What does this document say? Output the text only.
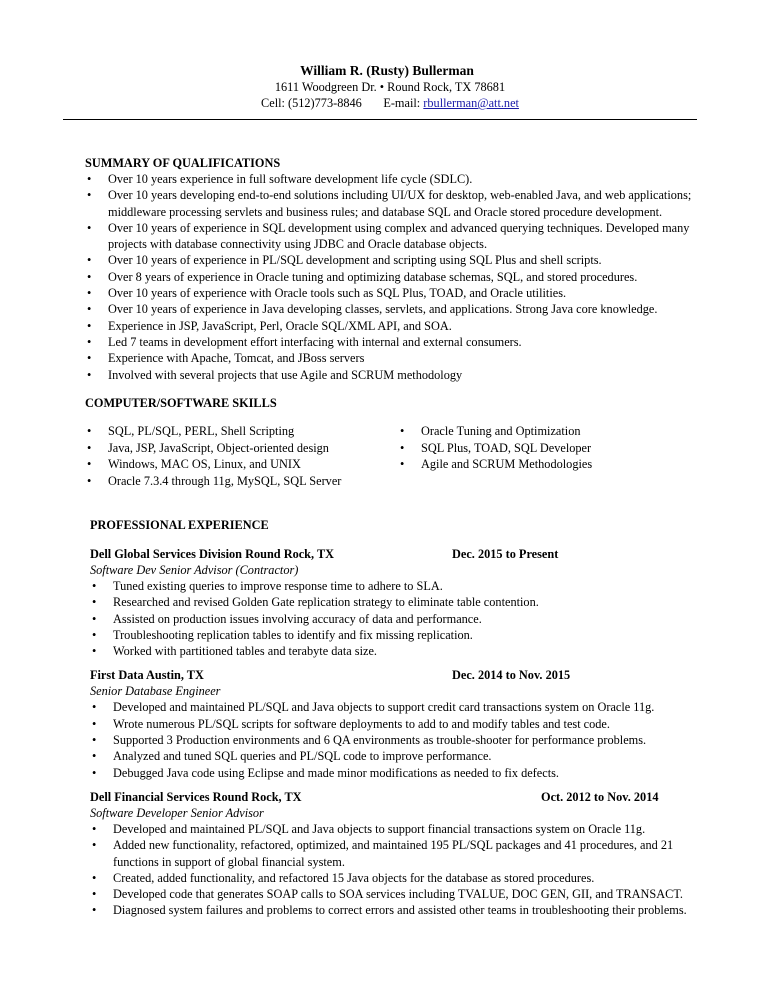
William R. (Rusty) Bullerman
1611 Woodgreen Dr. • Round Rock, TX 78681
Cell: (512)773-8846 E-mail: rbullerman@att.net
SUMMARY OF QUALIFICATIONS
• Over 10 years experience in full software development life cycle (SDLC).
• Over 10 years developing end-to-end solutions including UI/UX for desktop, web-enabled Java, and web applications; middleware processing servlets and business rules; and database SQL and Oracle stored procedure development.
• Over 10 years of experience in SQL development using complex and advanced querying techniques. Developed many projects with database connectivity using JDBC and Oracle database objects.
• Over 10 years of experience in PL/SQL development and scripting using SQL Plus and shell scripts.
• Over 8 years of experience in Oracle tuning and optimizing database schemas, SQL, and stored procedures.
• Over 10 years of experience with Oracle tools such as SQL Plus, TOAD, and Oracle utilities.
• Over 10 years of experience in Java developing classes, servlets, and applications. Strong Java core knowledge.
• Experience in JSP, JavaScript, Perl, Oracle SQL/XML API, and SOA.
• Led 7 teams in development effort interfacing with internal and external consumers.
• Experience with Apache, Tomcat, and JBoss servers
• Involved with several projects that use Agile and SCRUM methodology
COMPUTER/SOFTWARE SKILLS
• SQL, PL/SQL, PERL, Shell Scripting
• Java, JSP, JavaScript, Object-oriented design
• Windows, MAC OS, Linux, and UNIX
• Oracle 7.3.4 through 11g, MySQL, SQL Server
• Oracle Tuning and Optimization
• SQL Plus, TOAD, SQL Developer
• Agile and SCRUM Methodologies
PROFESSIONAL EXPERIENCE
Dell Global Services Division Round Rock, TX	Dec. 2015 to Present
Software Dev Senior Advisor (Contractor)
• Tuned existing queries to improve response time to adhere to SLA.
• Researched and revised Golden Gate replication strategy to eliminate table contention.
• Assisted on production issues involving accuracy of data and performance.
• Troubleshooting replication tables to identify and fix missing replication.
• Worked with partitioned tables and terabyte data size.
First Data Austin, TX	Dec. 2014 to Nov. 2015
Senior Database Engineer
• Developed and maintained PL/SQL and Java objects to support credit card transactions system on Oracle 11g.
• Wrote numerous PL/SQL scripts for software deployments to add to and modify tables and test code.
• Supported 3 Production environments and 6 QA environments as trouble-shooter for performance problems.
• Analyzed and tuned SQL queries and PL/SQL code to improve performance.
• Debugged Java code using Eclipse and made minor modifications as needed to fix defects.
Dell Financial Services Round Rock, TX	Oct. 2012 to Nov. 2014
Software Developer Senior Advisor
• Developed and maintained PL/SQL and Java objects to support financial transactions system on Oracle 11g.
• Added new functionality, refactored, optimized, and maintained 195 PL/SQL packages and 41 procedures, and 21 functions in support of global financial system.
• Created, added functionality, and refactored 15 Java objects for the database as stored procedures.
• Developed code that generates SOAP calls to SOA services including TVALUE, DOC GEN, GII, and TRANSACT.
• Diagnosed system failures and problems to correct errors and assisted other teams in troubleshooting their problems.
